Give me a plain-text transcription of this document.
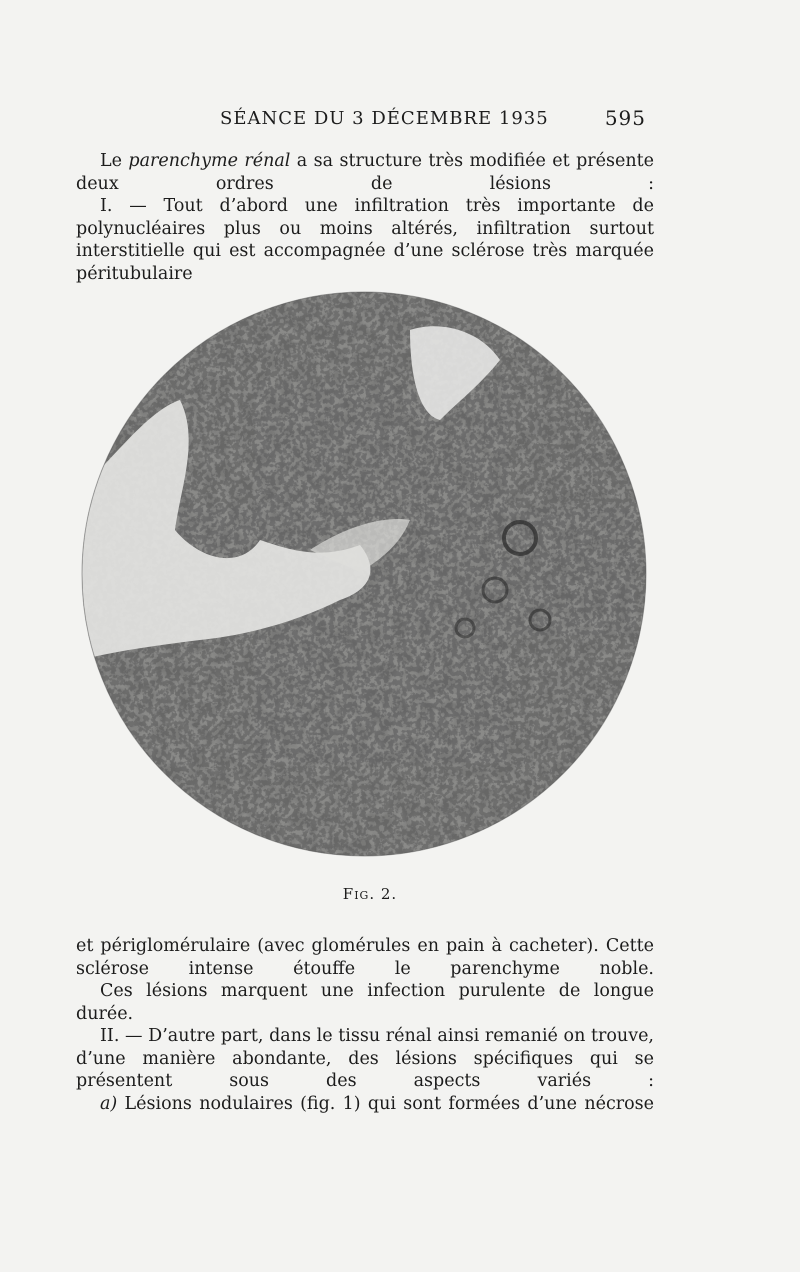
SÉANCE DU 3 DÉCEMBRE 1935	595

Le parenchyme rénal a sa structure très modifiée et présente deux ordres de lésions :

I. — Tout d’abord une infiltration très importante de polynucléaires plus ou moins altérés, infiltration surtout interstitielle qui est accompagnée d’une sclérose très marquée péritubulaire

Fig. 2.

et périglomérulaire (avec glomérules en pain à cacheter). Cette sclérose intense étouffe le parenchyme noble.

Ces lésions marquent une infection purulente de longue durée.

II. — D’autre part, dans le tissu rénal ainsi remanié on trouve, d’une manière abondante, des lésions spécifiques qui se présentent sous des aspects variés :

a) Lésions nodulaires (fig. 1) qui sont formées d’une nécrose
